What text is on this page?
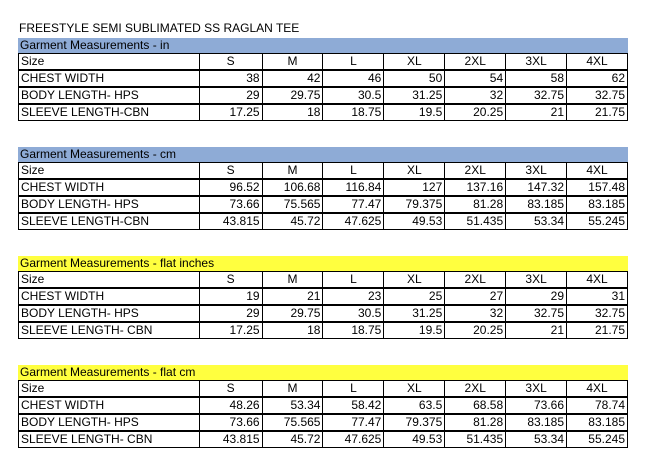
FREESTYLE SEMI SUBLIMATED SS RAGLAN TEE
Garment Measurements - in
Size	S	M	L	XL	2XL	3XL	4XL
CHEST WIDTH	38	42	46	50	54	58	62
BODY LENGTH- HPS	29	29.75	30.5	31.25	32	32.75	32.75
SLEEVE LENGTH-CBN	17.25	18	18.75	19.5	20.25	21	21.75
Garment Measurements - cm
Size	S	M	L	XL	2XL	3XL	4XL
CHEST WIDTH	96.52	106.68	116.84	127	137.16	147.32	157.48
BODY LENGTH- HPS	73.66	75.565	77.47	79.375	81.28	83.185	83.185
SLEEVE LENGTH-CBN	43.815	45.72	47.625	49.53	51.435	53.34	55.245
Garment Measurements - flat inches
Size	S	M	L	XL	2XL	3XL	4XL
CHEST WIDTH	19	21	23	25	27	29	31
BODY LENGTH- HPS	29	29.75	30.5	31.25	32	32.75	32.75
SLEEVE LENGTH- CBN	17.25	18	18.75	19.5	20.25	21	21.75
Garment Measurements - flat cm
Size	S	M	L	XL	2XL	3XL	4XL
CHEST WIDTH	48.26	53.34	58.42	63.5	68.58	73.66	78.74
BODY LENGTH- HPS	73.66	75.565	77.47	79.375	81.28	83.185	83.185
SLEEVE LENGTH- CBN	43.815	45.72	47.625	49.53	51.435	53.34	55.245
